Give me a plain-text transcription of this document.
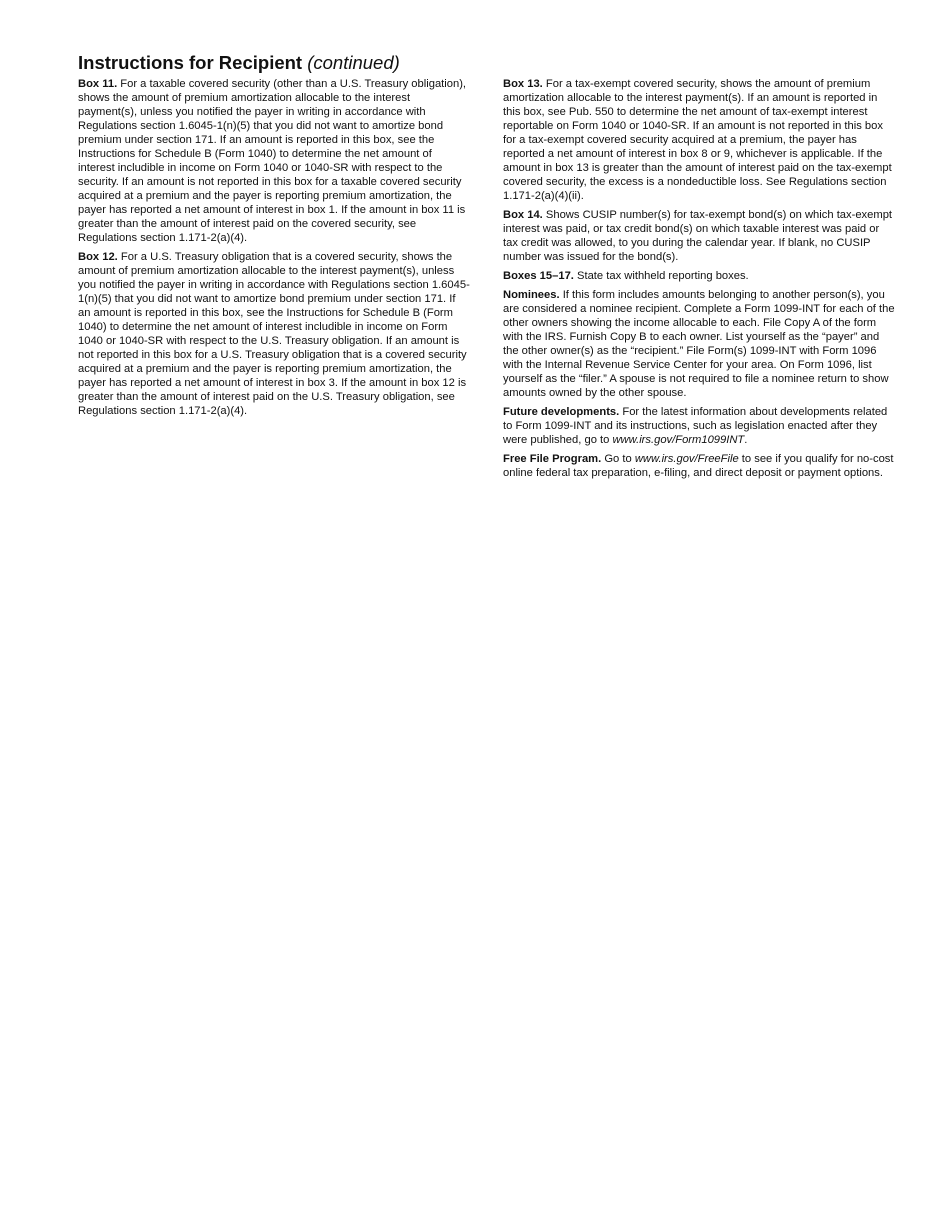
Instructions for Recipient (continued)

Box 11. For a taxable covered security (other than a U.S. Treasury obligation), shows the amount of premium amortization allocable to the interest payment(s), unless you notified the payer in writing in accordance with Regulations section 1.6045-1(n)(5) that you did not want to amortize bond premium under section 171. If an amount is reported in this box, see the Instructions for Schedule B (Form 1040) to determine the net amount of interest includible in income on Form 1040 or 1040-SR with respect to the security. If an amount is not reported in this box for a taxable covered security acquired at a premium and the payer is reporting premium amortization, the payer has reported a net amount of interest in box 1. If the amount in box 11 is greater than the amount of interest paid on the covered security, see Regulations section 1.171-2(a)(4).

Box 12. For a U.S. Treasury obligation that is a covered security, shows the amount of premium amortization allocable to the interest payment(s), unless you notified the payer in writing in accordance with Regulations section 1.6045-1(n)(5) that you did not want to amortize bond premium under section 171. If an amount is reported in this box, see the Instructions for Schedule B (Form 1040) to determine the net amount of interest includible in income on Form 1040 or 1040-SR with respect to the U.S. Treasury obligation. If an amount is not reported in this box for a U.S. Treasury obligation that is a covered security acquired at a premium and the payer is reporting premium amortization, the payer has reported a net amount of interest in box 3. If the amount in box 12 is greater than the amount of interest paid on the U.S. Treasury obligation, see Regulations section 1.171-2(a)(4).

Box 13. For a tax-exempt covered security, shows the amount of premium amortization allocable to the interest payment(s). If an amount is reported in this box, see Pub. 550 to determine the net amount of tax-exempt interest reportable on Form 1040 or 1040-SR. If an amount is not reported in this box for a tax-exempt covered security acquired at a premium, the payer has reported a net amount of interest in box 8 or 9, whichever is applicable. If the amount in box 13 is greater than the amount of interest paid on the tax-exempt covered security, the excess is a nondeductible loss. See Regulations section 1.171-2(a)(4)(ii).

Box 14. Shows CUSIP number(s) for tax-exempt bond(s) on which tax-exempt interest was paid, or tax credit bond(s) on which taxable interest was paid or tax credit was allowed, to you during the calendar year. If blank, no CUSIP number was issued for the bond(s).

Boxes 15–17. State tax withheld reporting boxes.

Nominees. If this form includes amounts belonging to another person(s), you are considered a nominee recipient. Complete a Form 1099-INT for each of the other owners showing the income allocable to each. File Copy A of the form with the IRS. Furnish Copy B to each owner. List yourself as the “payer” and the other owner(s) as the “recipient.” File Form(s) 1099-INT with Form 1096 with the Internal Revenue Service Center for your area. On Form 1096, list yourself as the “filer.” A spouse is not required to file a nominee return to show amounts owned by the other spouse.

Future developments. For the latest information about developments related to Form 1099-INT and its instructions, such as legislation enacted after they were published, go to www.irs.gov/Form1099INT.

Free File Program. Go to www.irs.gov/FreeFile to see if you qualify for no-cost online federal tax preparation, e-filing, and direct deposit or payment options.
